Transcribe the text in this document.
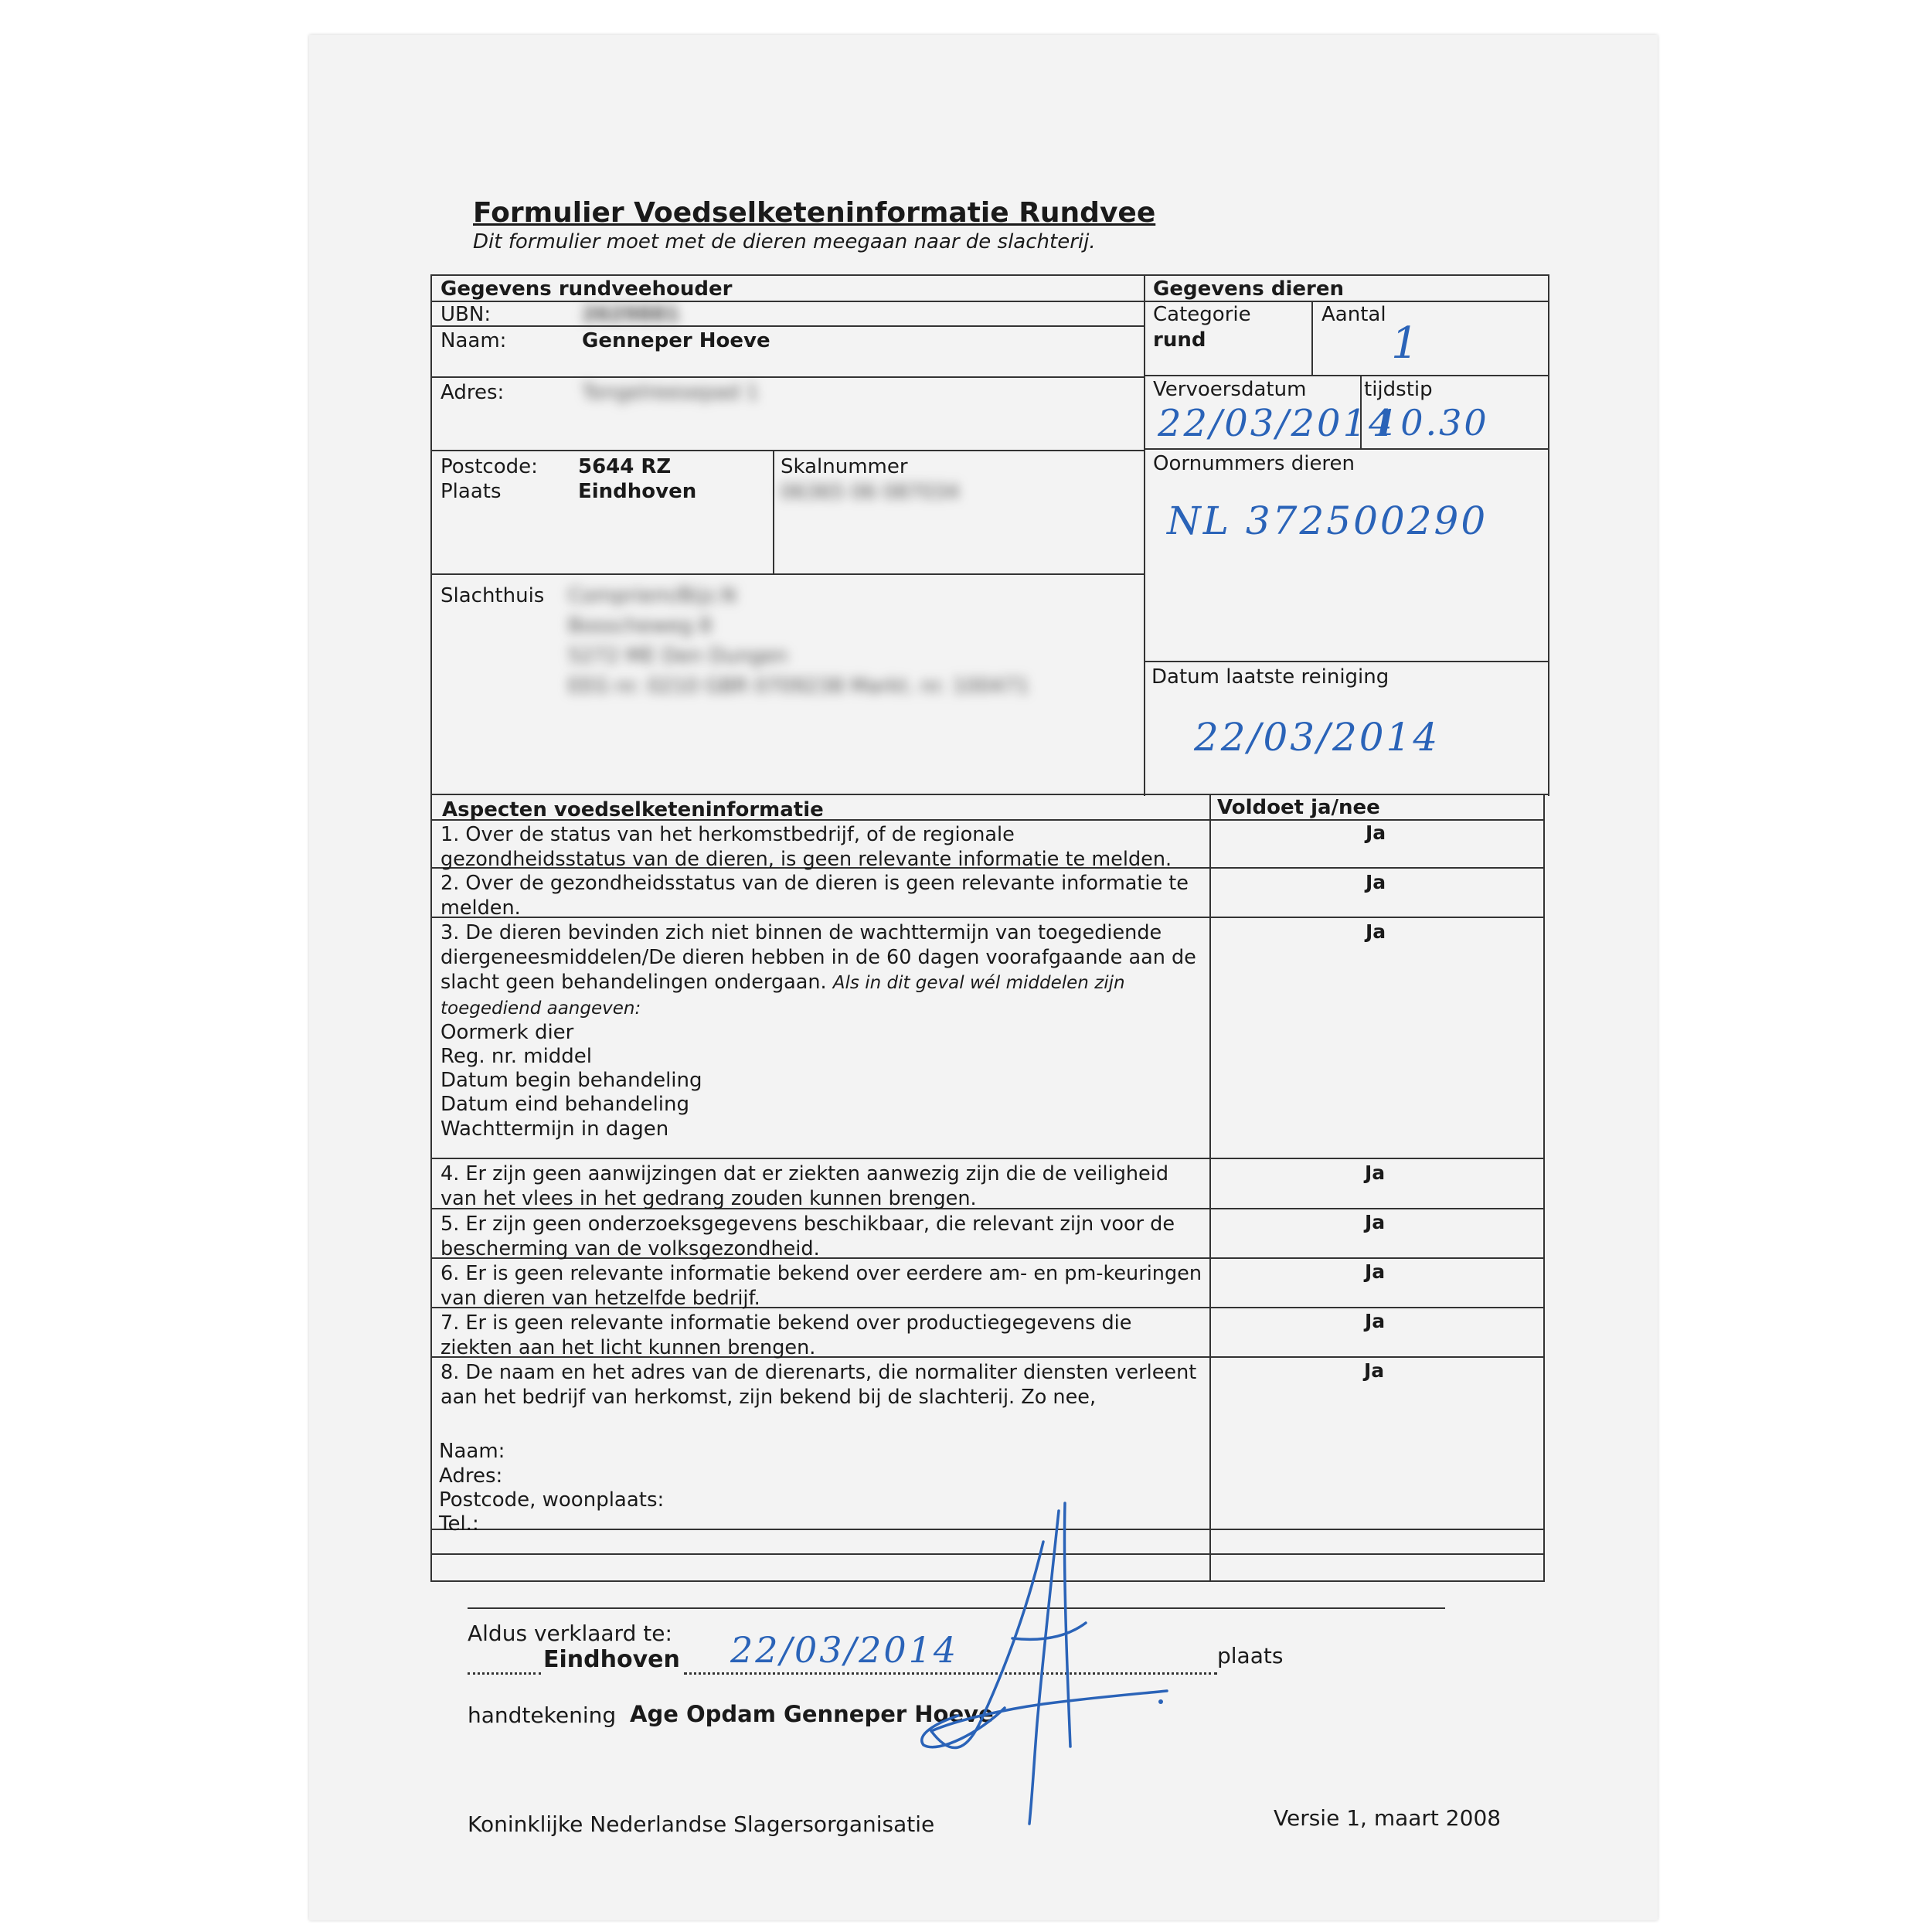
Formulier Voedselketeninformatie Rundvee
Dit formulier moet met de dieren meegaan naar de slachterij.
Gegevens rundveehouder
UBN:	2629881
Naam:	Genneper Hoeve
Adres:	Tongelreesepad 1
Postcode: 5644 RZ
Plaats	Eindhoven
Skalnummer
06365 06 087034
Slachthuis Compriem/Bijz.N
Bosscheweg 8
5272 ME Den Dungen
EEG nr. 0210 GBR 0709238 Markt. nr. 100471
Gegevens dieren
Categorie
rund
Aantal
1
Vervoersdatum
22/03/2014
tijdstip
10.30
Oornummers dieren
NL 372500290
Datum laatste reiniging
22/03/2014
Aspecten voedselketeninformatie	Voldoet ja/nee
1. Over de status van het herkomstbedrijf, of de regionale gezondheidsstatus van de dieren, is geen relevante informatie te melden.
Ja
2. Over de gezondheidsstatus van de dieren is geen relevante informatie te melden.
Ja
3. De dieren bevinden zich niet binnen de wachttermijn van toegediende diergeneesmiddelen/De dieren hebben in de 60 dagen voorafgaande aan de slacht geen behandelingen ondergaan. Als in dit geval wél middelen zijn toegediend aangeven:
Ja
Oormerk dier
Reg. nr. middel
Datum begin behandeling
Datum eind behandeling
Wachttermijn in dagen
4. Er zijn geen aanwijzingen dat er ziekten aanwezig zijn die de veiligheid van het vlees in het gedrang zouden kunnen brengen.
Ja
5. Er zijn geen onderzoeksgegevens beschikbaar, die relevant zijn voor de bescherming van de volksgezondheid.
Ja
6. Er is geen relevante informatie bekend over eerdere am- en pm-keuringen van dieren van hetzelfde bedrijf.
Ja
7. Er is geen relevante informatie bekend over productiegegevens die ziekten aan het licht kunnen brengen.
Ja
8. De naam en het adres van de dierenarts, die normaliter diensten verleent aan het bedrijf van herkomst, zijn bekend bij de slachterij. Zo nee,
Ja
Naam:
Adres:
Postcode, woonplaats:
Tel.:
Aldus verklaard te:
Eindhoven 22/03/2014	plaats
handtekening Age Opdam Genneper Hoeve
Koninklijke Nederlandse Slagersorganisatie	Versie 1, maart 2008
